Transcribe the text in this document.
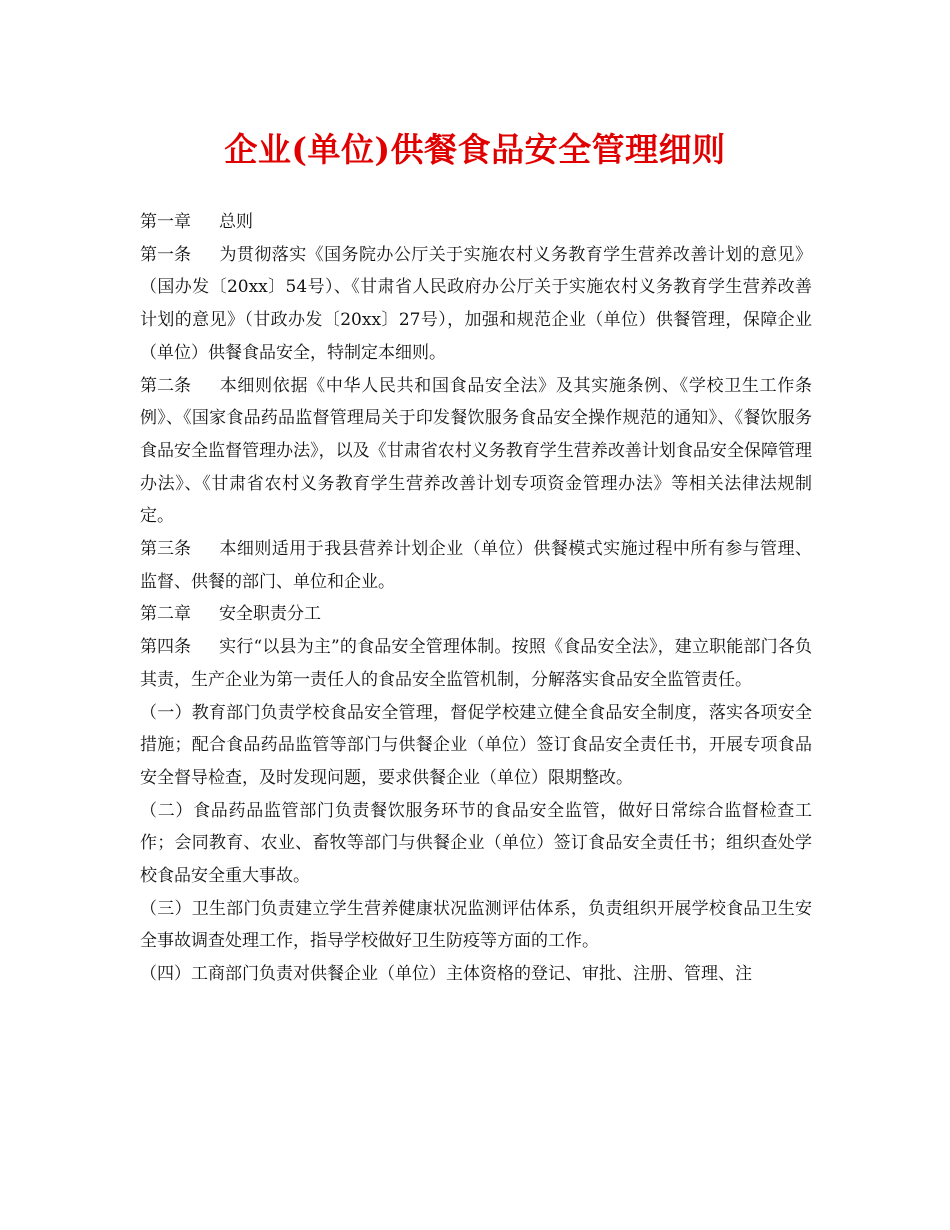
企业(单位)供餐食品安全管理细则

第一章 总则

第一条 为贯彻落实《国务院办公厅关于实施农村义务教育学生营养改善计划的意见》（国办发〔20xx〕54号）、《甘肃省人民政府办公厅关于实施农村义务教育学生营养改善计划的意见》（甘政办发〔20xx〕27号），加强和规范企业（单位）供餐管理，保障企业（单位）供餐食品安全，特制定本细则。

第二条 本细则依据《中华人民共和国食品安全法》及其实施条例、《学校卫生工作条例》、《国家食品药品监督管理局关于印发餐饮服务食品安全操作规范的通知》、《餐饮服务食品安全监督管理办法》，以及《甘肃省农村义务教育学生营养改善计划食品安全保障管理办法》、《甘肃省农村义务教育学生营养改善计划专项资金管理办法》等相关法律法规制定。

第三条 本细则适用于我县营养计划企业（单位）供餐模式实施过程中所有参与管理、监督、供餐的部门、单位和企业。

第二章 安全职责分工

第四条 实行“以县为主”的食品安全管理体制。按照《食品安全法》，建立职能部门各负其责，生产企业为第一责任人的食品安全监管机制，分解落实食品安全监管责任。

（一）教育部门负责学校食品安全管理，督促学校建立健全食品安全制度，落实各项安全措施；配合食品药品监管等部门与供餐企业（单位）签订食品安全责任书，开展专项食品安全督导检查，及时发现问题，要求供餐企业（单位）限期整改。

（二）食品药品监管部门负责餐饮服务环节的食品安全监管，做好日常综合监督检查工作；会同教育、农业、畜牧等部门与供餐企业（单位）签订食品安全责任书；组织查处学校食品安全重大事故。

（三）卫生部门负责建立学生营养健康状况监测评估体系，负责组织开展学校食品卫生安全事故调查处理工作，指导学校做好卫生防疫等方面的工作。

（四）工商部门负责对供餐企业（单位）主体资格的登记、审批、注册、管理、注
